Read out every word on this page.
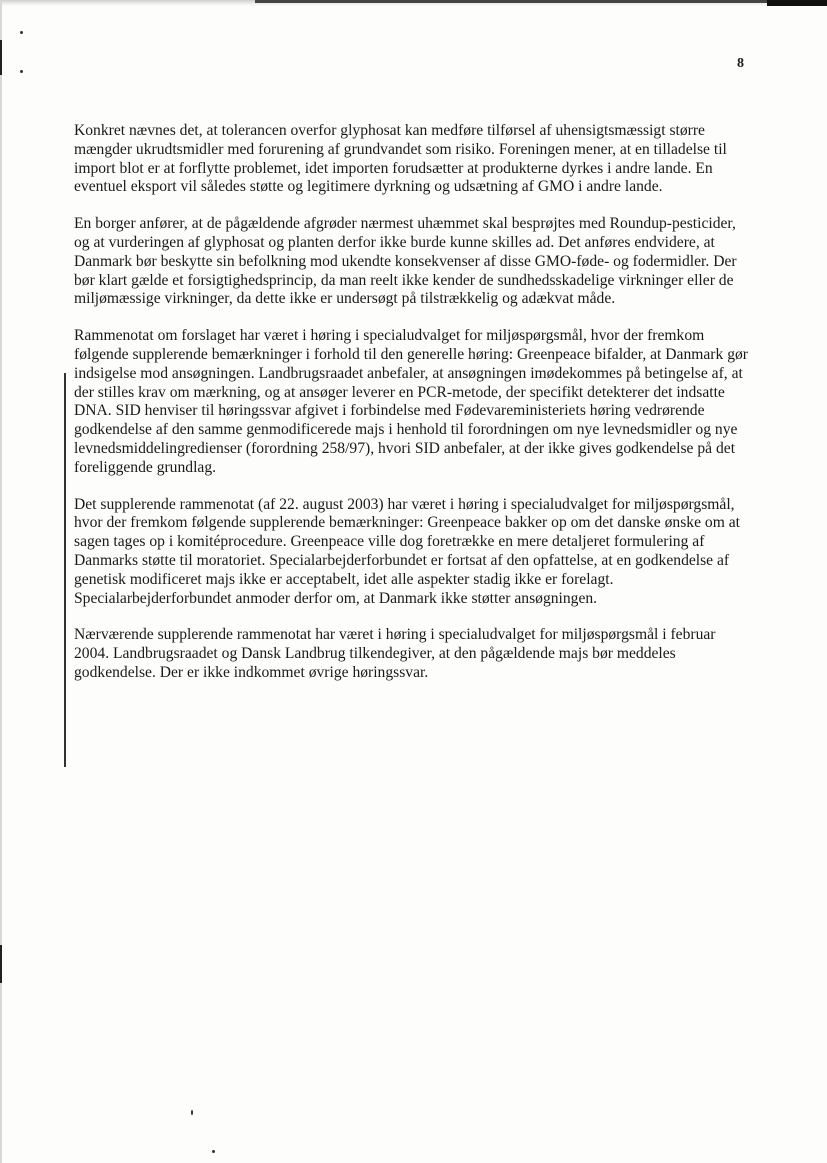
8

Konkret nævnes det, at tolerancen overfor glyphosat kan medføre tilførsel af uhensigtsmæssigt større mængder ukrudtsmidler med forurening af grundvandet som risiko. Foreningen mener, at en tilladelse til import blot er at forflytte problemet, idet importen forudsætter at produkterne dyrkes i andre lande. En eventuel eksport vil således støtte og legitimere dyrkning og udsætning af GMO i andre lande.

En borger anfører, at de pågældende afgrøder nærmest uhæmmet skal besprøjtes med Roundup-pesticider, og at vurderingen af glyphosat og planten derfor ikke burde kunne skilles ad. Det anføres endvidere, at Danmark bør beskytte sin befolkning mod ukendte konsekvenser af disse GMO-føde- og fodermidler. Der bør klart gælde et forsigtighedsprincip, da man reelt ikke kender de sundhedsskadelige virkninger eller de miljømæssige virkninger, da dette ikke er undersøgt på tilstrækkelig og adækvat måde.

Rammenotat om forslaget har været i høring i specialudvalget for miljøspørgsmål, hvor der fremkom følgende supplerende bemærkninger i forhold til den generelle høring: Greenpeace bifalder, at Danmark gør indsigelse mod ansøgningen. Landbrugsraadet anbefaler, at ansøgningen imødekommes på betingelse af, at der stilles krav om mærkning, og at ansøger leverer en PCR-metode, der specifikt detekterer det indsatte DNA. SID henviser til høringssvar afgivet i forbindelse med Fødevareministeriets høring vedrørende godkendelse af den samme genmodificerede majs i henhold til forordningen om nye levnedsmidler og nye levnedsmiddelingredienser (forordning 258/97), hvori SID anbefaler, at der ikke gives godkendelse på det foreliggende grundlag.

Det supplerende rammenotat (af 22. august 2003) har været i høring i specialudvalget for miljøspørgsmål, hvor der fremkom følgende supplerende bemærkninger: Greenpeace bakker op om det danske ønske om at sagen tages op i komitéprocedure. Greenpeace ville dog foretrække en mere detaljeret formulering af Danmarks støtte til moratoriet. Specialarbejderforbundet er fortsat af den opfattelse, at en godkendelse af genetisk modificeret majs ikke er acceptabelt, idet alle aspekter stadig ikke er forelagt. Specialarbejderforbundet anmoder derfor om, at Danmark ikke støtter ansøgningen.

Nærværende supplerende rammenotat har været i høring i specialudvalget for miljøspørgsmål i februar 2004. Landbrugsraadet og Dansk Landbrug tilkendegiver, at den pågældende majs bør meddeles godkendelse. Der er ikke indkommet øvrige høringssvar.
